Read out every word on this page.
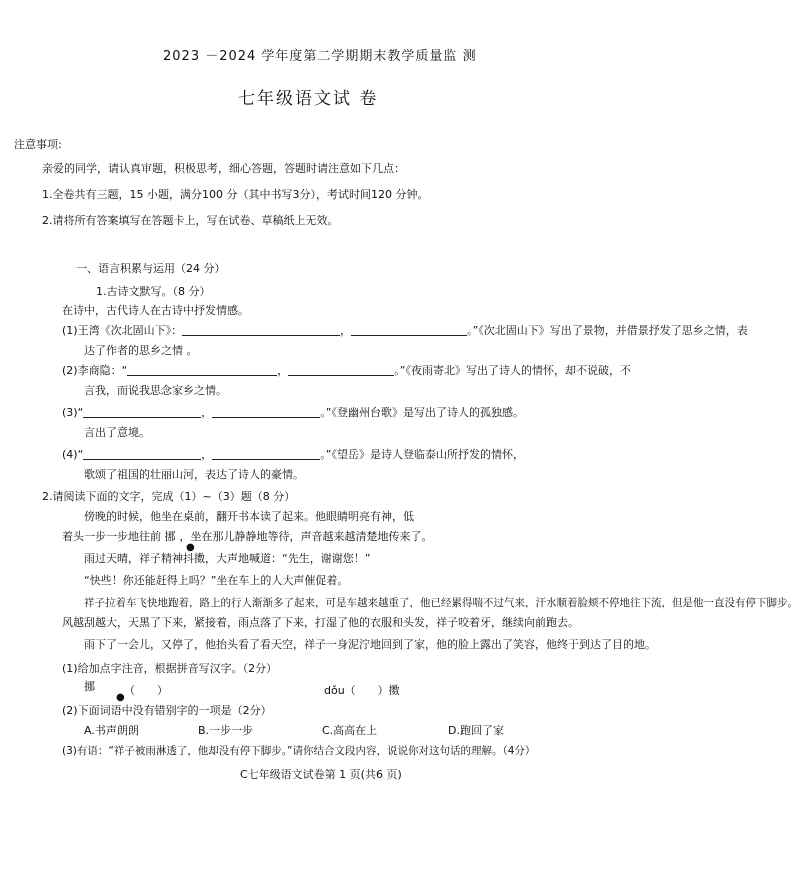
2023 －2024 学年度第二学期期末教学质量监 测
七年级语文试 卷
注意事项:
亲爱的同学，请认真审题，积极思考，细心答题，答题时请注意如下几点：
1.全卷共有三题，15 小题，满分100 分（其中书写3分），考试时间120 分钟。
2.请将所有答案填写在答题卡上，写在试卷、草稿纸上无效。
一、语言积累与运用（24 分）
1.古诗文默写。（8 分）
在诗中，古代诗人在古诗中抒发情感。
(1)王湾《次北固山下》：	，	。”《次北固山下》写出了景物，并借景抒发了思乡之情，表
达了作者的思乡之情 。
(2)李商隐：“	，	。”《夜雨寄北》写出了诗人的情怀，却不说破，不
言我，而说我思念家乡之情。
(3)“	，	。”《登幽州台歌》是写出了诗人的孤独感。
言出了意境。
(4)“	，	。”《望岳》是诗人登临泰山所抒发的情怀，
歌颂了祖国的壮丽山河，表达了诗人的豪情。
2.请阅读下面的文字，完成（1）~（3）题（8 分）
傍晚的时候，他坐在桌前，翻开书本读了起来。他眼睛明亮有神，低
着头一步一步地往前 挪 ，坐在那儿静静地等待，声音越来越清楚地传来了。
●
雨过天晴，祥子精神抖擞，大声地喊道：“先生，谢谢您！”
“快些！你还能赶得上吗？”坐在车上的人大声催促着。
祥子拉着车飞快地跑着，路上的行人渐渐多了起来，可是车越来越重了，他已经累得喘不过气来，汗水顺着脸颊不停地往下流，但是他一直没有停下脚步。
风越刮越大，天黑了下来，紧接着，雨点落了下来，打湿了他的衣服和头发，祥子咬着牙，继续向前跑去。
雨下了一会儿，又停了，他抬头看了看天空，祥子一身泥泞地回到了家，他的脸上露出了笑容，他终于到达了目的地。
(1)给加点字注音，根据拼音写汉字。（2分）
挪
●
（　　）	dǒu（　　）擞
(2)下面词语中没有错别字的一项是（2分）
A.书声朗朗	B.一步一步	C.高高在上	D.跑回了家
(3)有语：“祥子被雨淋透了，他却没有停下脚步。”请你结合文段内容，说说你对这句话的理解。（4分）
C七年级语文试卷第 1 页(共6 页)
